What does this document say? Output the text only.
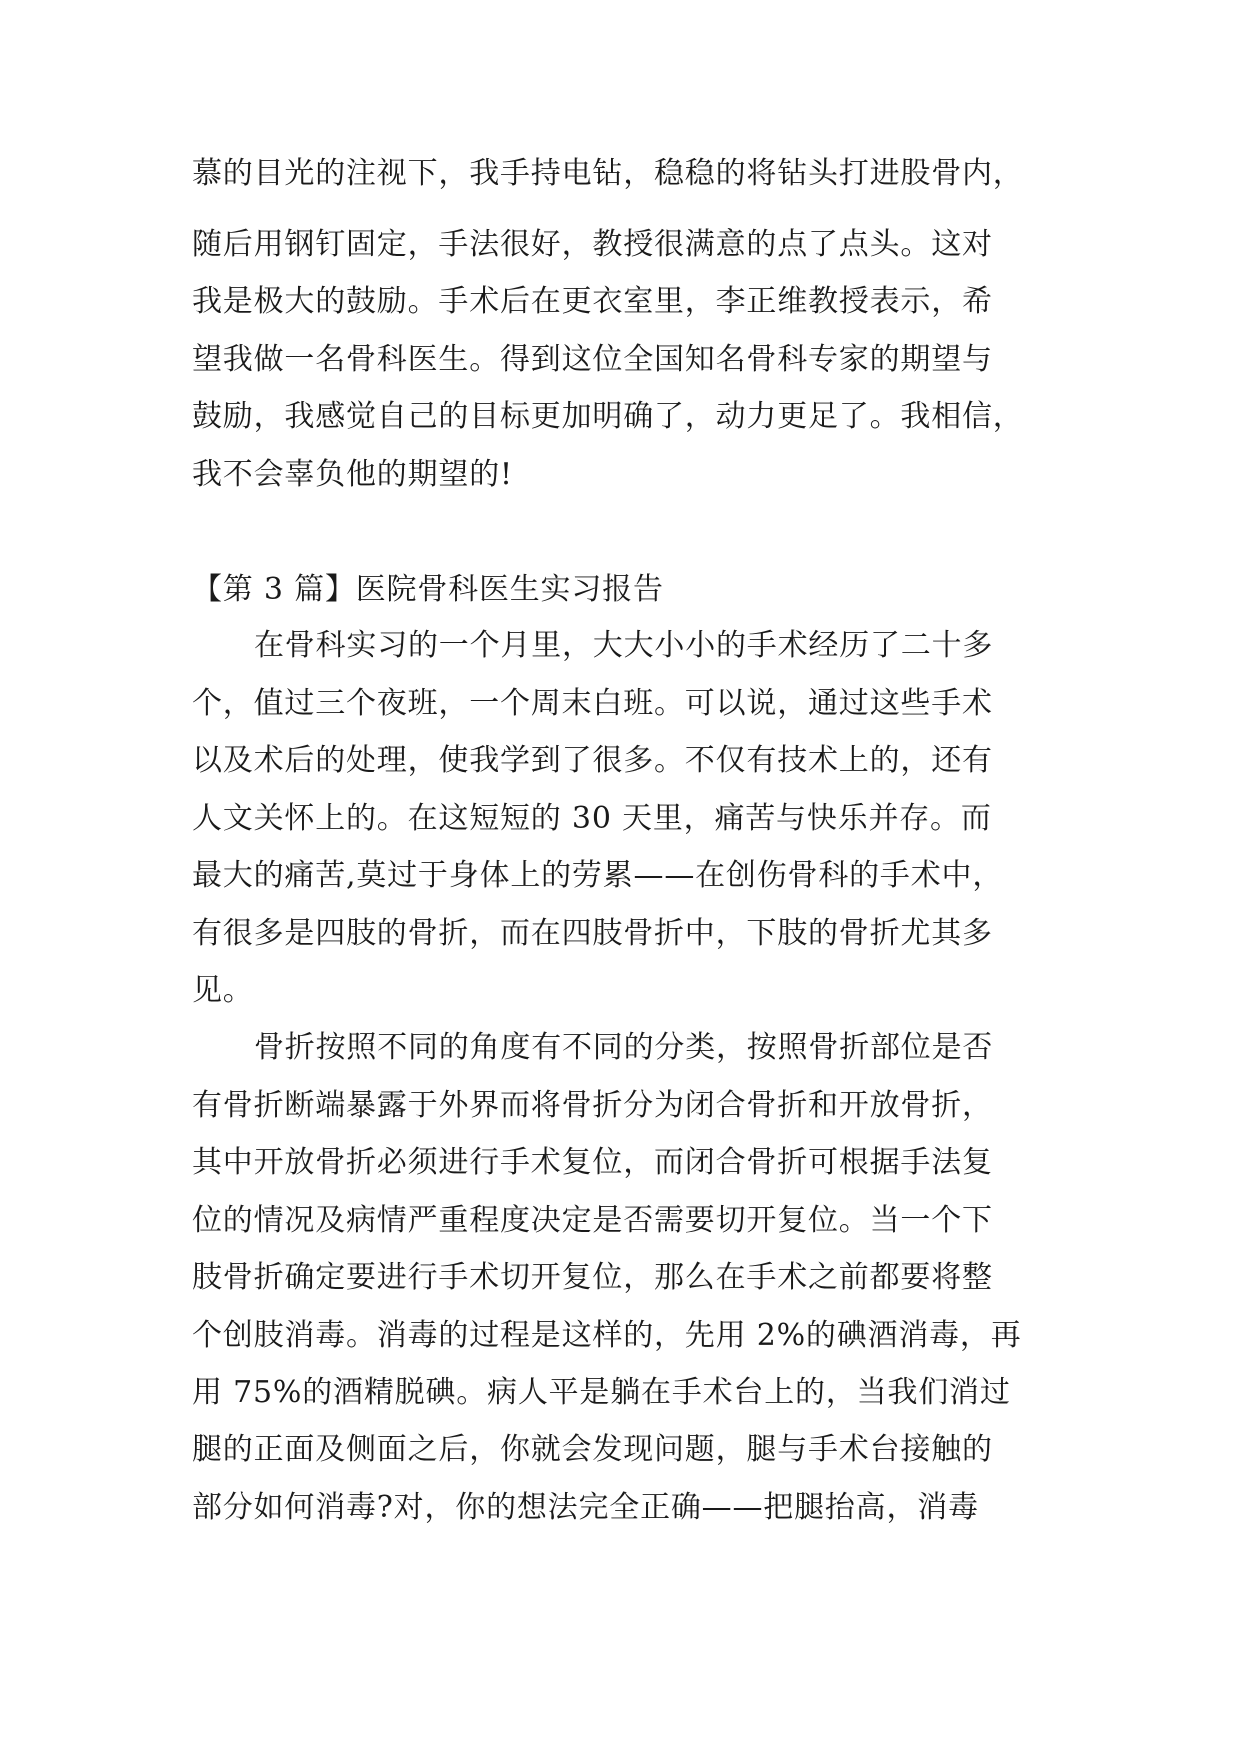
慕的目光的注视下，我手持电钻，稳稳的将钻头打进股骨内，
随后用钢钉固定，手法很好，教授很满意的点了点头。这对
我是极大的鼓励。手术后在更衣室里，李正维教授表示，希
望我做一名骨科医生。得到这位全国知名骨科专家的期望与
鼓励，我感觉自己的目标更加明确了，动力更足了。我相信，
我不会辜负他的期望的!
【第 3 篇】医院骨科医生实习报告
在骨科实习的一个月里，大大小小的手术经历了二十多
个，值过三个夜班，一个周末白班。可以说，通过这些手术
以及术后的处理，使我学到了很多。不仅有技术上的，还有
人文关怀上的。在这短短的 30 天里，痛苦与快乐并存。而
最大的痛苦,莫过于身体上的劳累——在创伤骨科的手术中，
有很多是四肢的骨折，而在四肢骨折中，下肢的骨折尤其多
见。
骨折按照不同的角度有不同的分类，按照骨折部位是否
有骨折断端暴露于外界而将骨折分为闭合骨折和开放骨折，
其中开放骨折必须进行手术复位，而闭合骨折可根据手法复
位的情况及病情严重程度决定是否需要切开复位。当一个下
肢骨折确定要进行手术切开复位，那么在手术之前都要将整
个创肢消毒。消毒的过程是这样的，先用 2%的碘酒消毒，再
用 75%的酒精脱碘。病人平是躺在手术台上的，当我们消过
腿的正面及侧面之后，你就会发现问题，腿与手术台接触的
部分如何消毒?对，你的想法完全正确——把腿抬高，消毒
